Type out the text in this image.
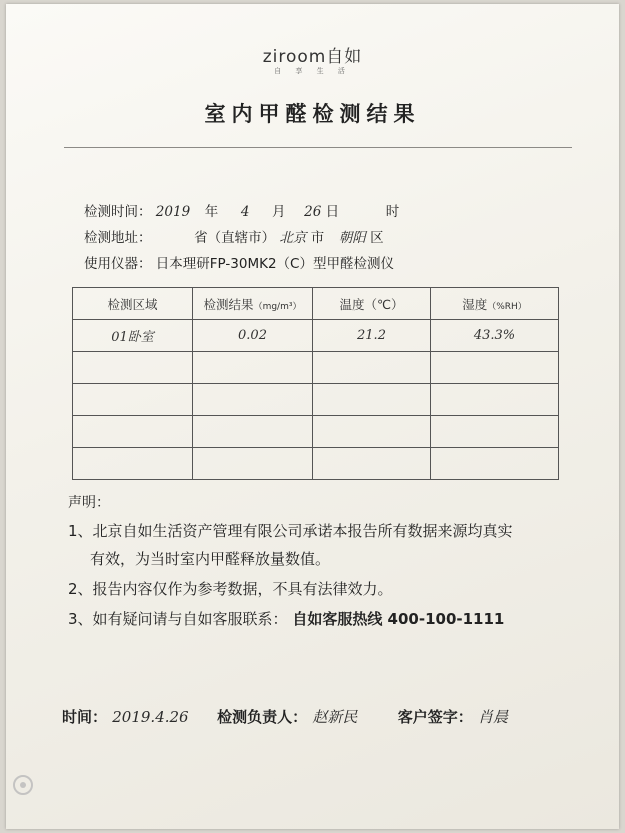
ziroom自如
自 享 生 活
室内甲醛检测结果
检测时间： 2019 年 4 月 26 日	时
检测地址：	省（直辖市） 北京 市 朝阳 区
使用仪器： 日本理研FP-30MK2（C）型甲醛检测仪
检测区域	检测结果（mg/m³）	温度（℃）	湿度（%RH）
01卧室	0.02	21.2	43.3%

声明：
1、北京自如生活资产管理有限公司承诺本报告所有数据来源均真实
有效，为当时室内甲醛释放量数值。
2、报告内容仅作为参考数据，不具有法律效力。
3、如有疑问请与自如客服联系： 自如客服热线 400-100-1111
时间： 2019.4.26 检测负责人： 赵新民	客户签字： 肖晨
